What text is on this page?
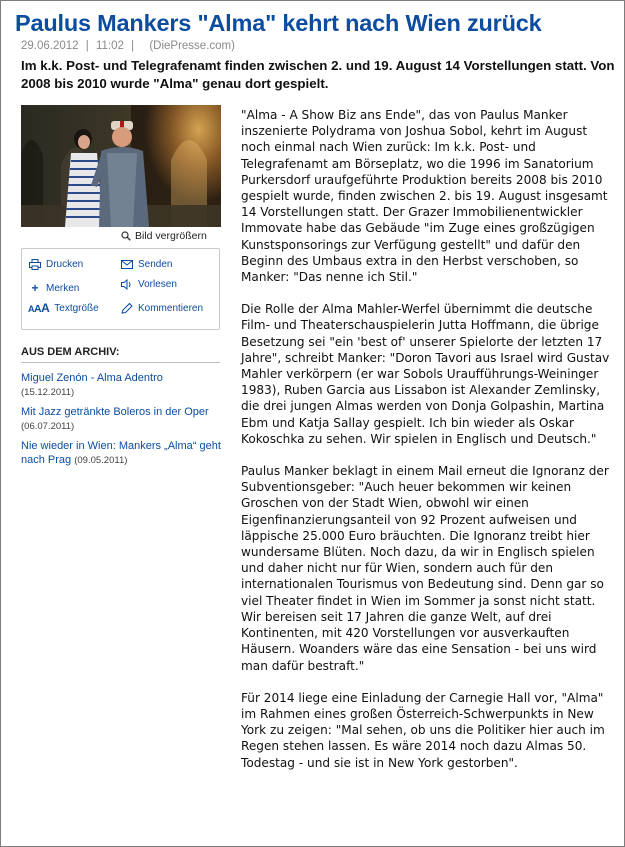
Paulus Mankers "Alma" kehrt nach Wien zurück
29.06.2012 | 11:02 | (DiePresse.com)
Im k.k. Post- und Telegrafenamt finden zwischen 2. und 19. August 14 Vorstellungen statt. Von 2008 bis 2010 wurde "Alma" genau dort gespielt.
Bild vergrößern
Drucken	Senden
+ Merken	Vorlesen
AAA Textgröße	Kommentieren
AUS DEM ARCHIV:
Miguel Zenón - Alma Adentro
(15.12.2011)
Mit Jazz getränkte Boleros in der Oper (06.07.2011)
Nie wieder in Wien: Mankers „Alma“ geht nach Prag (09.05.2011)

"Alma - A Show Biz ans Ende", das von Paulus Manker inszenierte Polydrama von Joshua Sobol, kehrt im August noch einmal nach Wien zurück: Im k.k. Post- und Telegrafenamt am Börseplatz, wo die 1996 im Sanatorium Purkersdorf uraufgeführte Produktion bereits 2008 bis 2010 gespielt wurde, finden zwischen 2. bis 19. August insgesamt 14 Vorstellungen statt. Der Grazer Immobilienentwickler Immovate habe das Gebäude "im Zuge eines großzügigen Kunstsponsorings zur Verfügung gestellt" und dafür den Beginn des Umbaus extra in den Herbst verschoben, so Manker: "Das nenne ich Stil."

Die Rolle der Alma Mahler-Werfel übernimmt die deutsche Film- und Theaterschauspielerin Jutta Hoffmann, die übrige Besetzung sei "ein 'best of' unserer Spielorte der letzten 17 Jahre", schreibt Manker: "Doron Tavori aus Israel wird Gustav Mahler verkörpern (er war Sobols Uraufführungs-Weininger 1983), Ruben Garcia aus Lissabon ist Alexander Zemlinsky, die drei jungen Almas werden von Donja Golpashin, Martina Ebm und Katja Sallay gespielt. Ich bin wieder als Oskar Kokoschka zu sehen. Wir spielen in Englisch und Deutsch."

Paulus Manker beklagt in einem Mail erneut die Ignoranz der Subventionsgeber: "Auch heuer bekommen wir keinen Groschen von der Stadt Wien, obwohl wir einen Eigenfinanzierungsanteil von 92 Prozent aufweisen und läppische 25.000 Euro bräuchten. Die Ignoranz treibt hier wundersame Blüten. Noch dazu, da wir in Englisch spielen und daher nicht nur für Wien, sondern auch für den internationalen Tourismus von Bedeutung sind. Denn gar so viel Theater findet in Wien im Sommer ja sonst nicht statt. Wir bereisen seit 17 Jahren die ganze Welt, auf drei Kontinenten, mit 420 Vorstellungen vor ausverkauften Häusern. Woanders wäre das eine Sensation - bei uns wird man dafür bestraft."

Für 2014 liege eine Einladung der Carnegie Hall vor, "Alma" im Rahmen eines großen Österreich-Schwerpunkts in New York zu zeigen: "Mal sehen, ob uns die Politiker hier auch im Regen stehen lassen. Es wäre 2014 noch dazu Almas 50. Todestag - und sie ist in New York gestorben".
